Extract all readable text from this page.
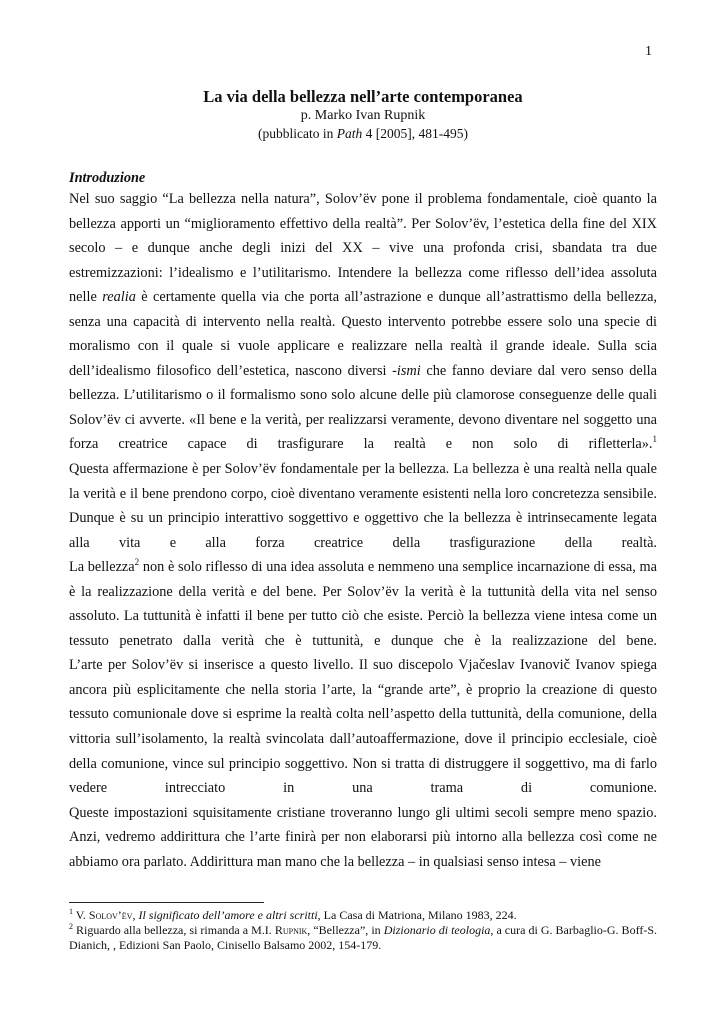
1
La via della bellezza nell’arte contemporanea
p. Marko Ivan Rupnik
(pubblicato in Path 4 [2005], 481-495)
Introduzione

Nel suo saggio “La bellezza nella natura”, Solov’ëv pone il problema fondamentale, cioè quanto la bellezza apporti un “miglioramento effettivo della realtà”. Per Solov’ëv, l’estetica della fine del XIX secolo – e dunque anche degli inizi del XX – vive una profonda crisi, sbandata tra due estremizzazioni: l’idealismo e l’utilitarismo. Intendere la bellezza come riflesso dell’idea assoluta nelle realia è certamente quella via che porta all’astrazione e dunque all’astrattismo della bellezza, senza una capacità di intervento nella realtà. Questo intervento potrebbe essere solo una specie di moralismo con il quale si vuole applicare e realizzare nella realtà il grande ideale. Sulla scia dell’idealismo filosofico dell’estetica, nascono diversi -ismi che fanno deviare dal vero senso della bellezza. L’utilitarismo o il formalismo sono solo alcune delle più clamorose conseguenze delle quali Solov’ëv ci avverte. «Il bene e la verità, per realizzarsi veramente, devono diventare nel soggetto una forza creatrice capace di trasfigurare la realtà e non solo di rifletterla».$^1$

Questa affermazione è per Solov’ëv fondamentale per la bellezza. La bellezza è una realtà nella quale la verità e il bene prendono corpo, cioè diventano veramente esistenti nella loro concretezza sensibile. Dunque è su un principio interattivo soggettivo e oggettivo che la bellezza è intrinsecamente legata alla vita e alla forza creatrice della trasfigurazione della realtà.

La bellezza$^2$ non è solo riflesso di una idea assoluta e nemmeno una semplice incarnazione di essa, ma è la realizzazione della verità e del bene. Per Solov’ëv la verità è la tuttunità della vita nel senso assoluto. La tuttunità è infatti il bene per tutto ciò che esiste. Perciò la bellezza viene intesa come un tessuto penetrato dalla verità che è tuttunità, e dunque che è la realizzazione del bene.

L’arte per Solov’ëv si inserisce a questo livello. Il suo discepolo Vjačeslav Ivanovič Ivanov spiega ancora più esplicitamente che nella storia l’arte, la “grande arte”, è proprio la creazione di questo tessuto comunionale dove si esprime la realtà colta nell’aspetto della tuttunità, della comunione, della vittoria sull’isolamento, la realtà svincolata dall’autoaffermazione, dove il principio ecclesiale, cioè della comunione, vince sul principio soggettivo. Non si tratta di distruggere il soggettivo, ma di farlo vedere intrecciato in una trama di comunione.

Queste impostazioni squisitamente cristiane troveranno lungo gli ultimi secoli sempre meno spazio. Anzi, vedremo addirittura che l’arte finirà per non elaborarsi più intorno alla bellezza così come ne abbiamo ora parlato. Addirittura man mano che la bellezza – in qualsiasi senso intesa – viene

$^1$ V. Solov’ëv, Il significato dell’amore e altri scritti, La Casa di Matriona, Milano 1983, 224.

$^2$ Riguardo alla bellezza, si rimanda a M.I. Rupnik, “Bellezza”, in Dizionario di teologia, a cura di G. Barbaglio-G. Boff-S. Dianich, , Edizioni San Paolo, Cinisello Balsamo 2002, 154-179.
